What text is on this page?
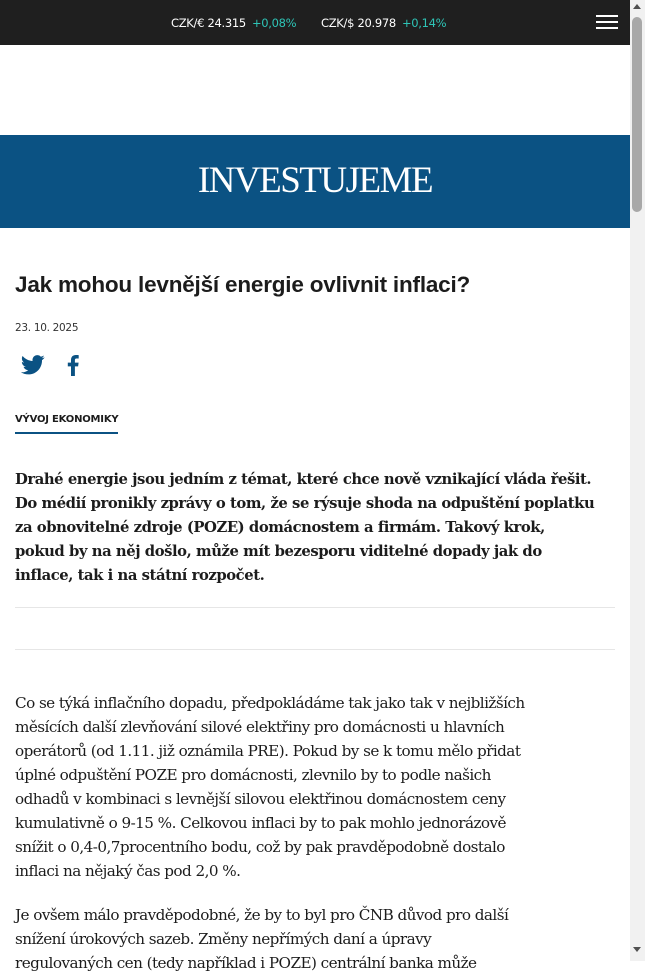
CZK/€ 24.315 +0,08% CZK/$ 20.978 +0,14%
INVESTUJEME
Jak mohou levnější energie ovlivnit inflaci?
23. 10. 2025
VÝVOJ EKONOMIKY

Drahé energie jsou jedním z témat, které chce nově vznikající vláda řešit.
Do médií pronikly zprávy o tom, že se rýsuje shoda na odpuštění poplatku
za obnovitelné zdroje (POZE) domácnostem a firmám. Takový krok,
pokud by na něj došlo, může mít bezesporu viditelné dopady jak do
inflace, tak i na státní rozpočet.

Co se týká inflačního dopadu, předpokládáme tak jako tak v nejbližších
měsících další zlevňování silové elektřiny pro domácnosti u hlavních
operátorů (od 1.11. již oznámila PRE). Pokud by se k tomu mělo přidat
úplné odpuštění POZE pro domácnosti, zlevnilo by to podle našich
odhadů v kombinaci s levnější silovou elektřinou domácnostem ceny
kumulativně o 9-15 %. Celkovou inflaci by to pak mohlo jednorázově
snížit o 0,4-0,7procentního bodu, což by pak pravděpodobně dostalo
inflaci na nějaký čas pod 2,0 %.

Je ovšem málo pravděpodobné, že by to byl pro ČNB důvod pro další
snížení úrokových sazeb. Změny nepřímých daní a úpravy
regulovaných cen (tedy například i POZE) centrální banka může
